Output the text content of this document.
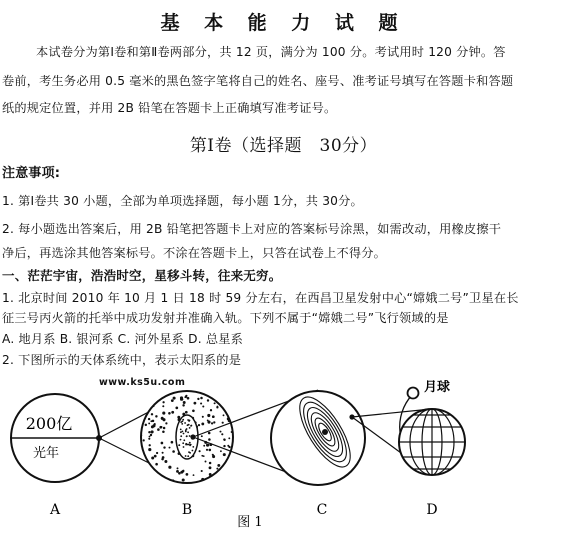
基 本 能 力 试 题
本试卷分为第Ⅰ卷和第Ⅱ卷两部分，共 12 页，满分为 100 分。考试用时 120 分钟。答
卷前，考生务必用 0.5 毫米的黑色签字笔将自己的姓名、座号、准考证号填写在答题卡和答题
纸的规定位置，并用 2B 铅笔在答题卡上正确填写准考证号。
第Ⅰ卷（选择题　30分）
注意事项:
1. 第Ⅰ卷共 30 小题，全部为单项选择题，每小题 1分，共 30分。
2. 每小题选出答案后，用 2B 铅笔把答题卡上对应的答案标号涂黑，如需改动，用橡皮擦干
净后，再选涂其他答案标号。不涂在答题卡上，只答在试卷上不得分。
一、茫茫宇宙，浩浩时空，星移斗转，往来无穷。
1. 北京时间 2010 年 10 月 1 日 18 时 59 分左右，在西昌卫星发射中心“嫦娥二号”卫星在长
征三号丙火箭的托举中成功发射并准确入轨。下列不属于“嫦娥二号”飞行领域的是
A. 地月系 B. 银河系 C. 河外星系 D. 总星系
2. 下图所示的天体系统中，表示太阳系的是
www.ks5u.com
200亿
光年
月球
A	B	C	D
图 1
